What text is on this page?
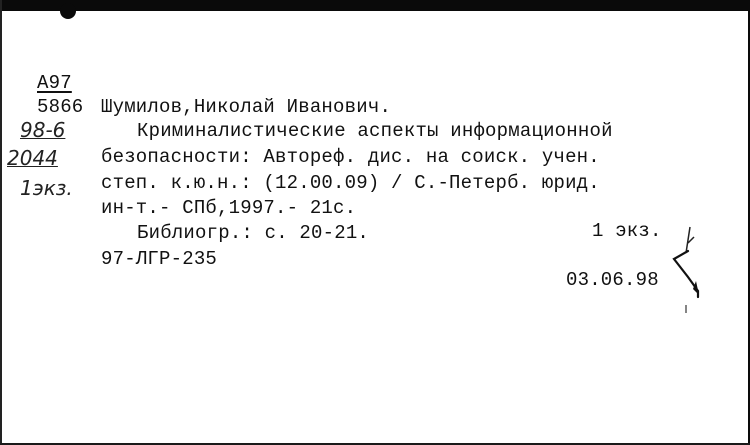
A97
5866
98-6
2044
1экз.
Шумилов,Николай Иванович.
Криминалистические аспекты информационной
безопасности: Автореф. дис. на соиск. учен.
степ. к.ю.н.: (12.00.09) / С.-Петерб. юрид.
ин-т.- СПб,1997.- 21с.
Библиогр.: с. 20-21.	1 экз.
97-ЛГР-235
03.06.98
